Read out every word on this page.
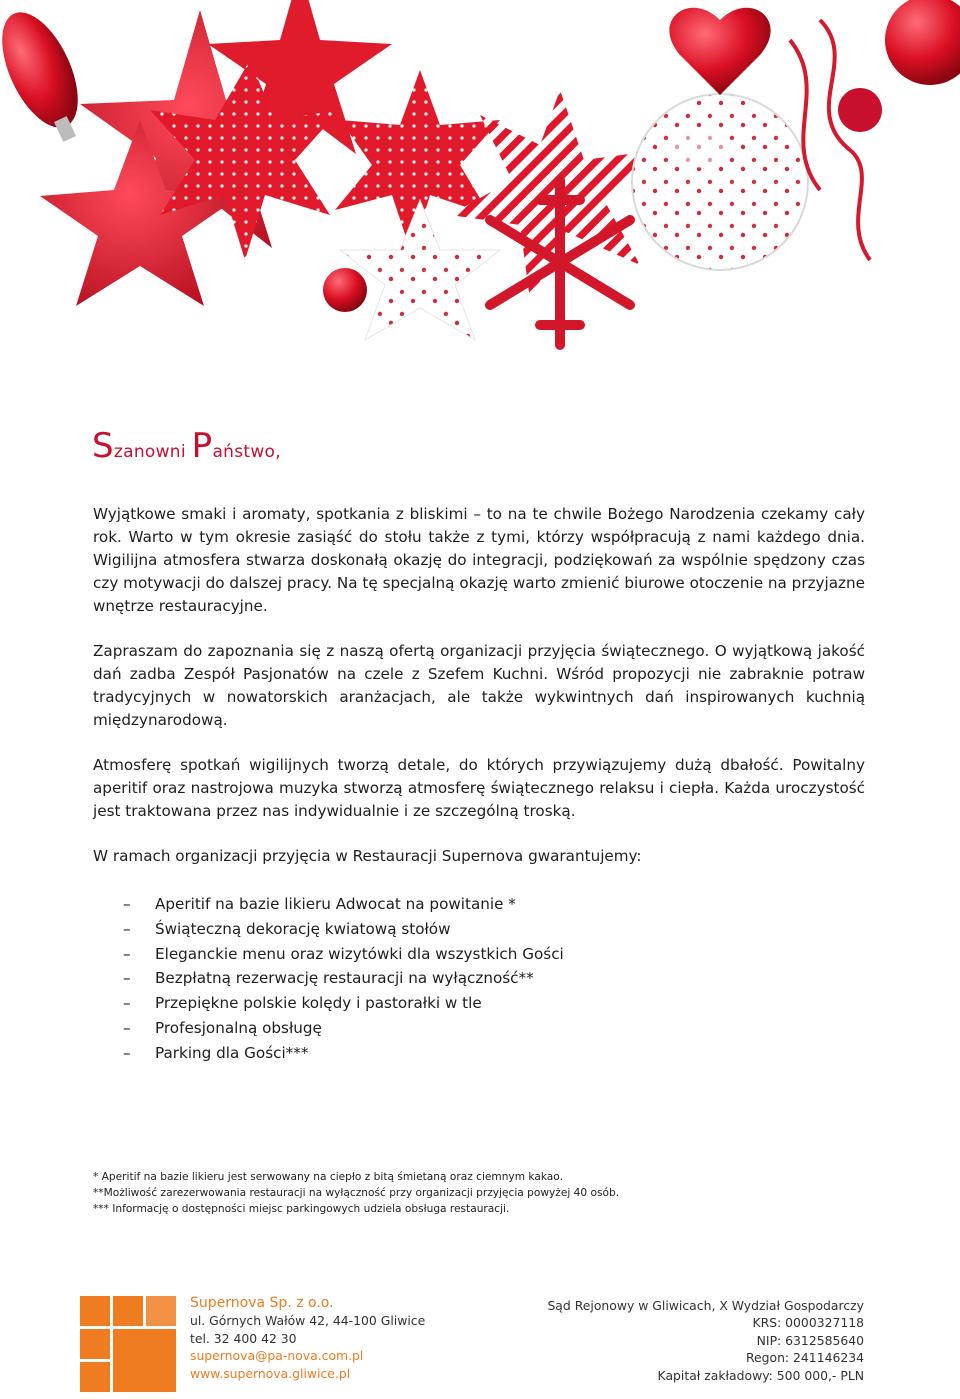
Szanowni Państwo,

Wyjątkowe smaki i aromaty, spotkania z bliskimi – to na te chwile Bożego Narodzenia czekamy cały rok. Warto w tym okresie zasiąść do stołu także z tymi, którzy współpracują z nami każdego dnia. Wigilijna atmosfera stwarza doskonałą okazję do integracji, podziękowań za wspólnie spędzony czas czy motywacji do dalszej pracy. Na tę specjalną okazję warto zmienić biurowe otoczenie na przyjazne wnętrze restauracyjne.

Zapraszam do zapoznania się z naszą ofertą organizacji przyjęcia świątecznego. O wyjątkową jakość dań zadba Zespół Pasjonatów na czele z Szefem Kuchni. Wśród propozycji nie zabraknie potraw tradycyjnych w nowatorskich aranżacjach, ale także wykwintnych dań inspirowanych kuchnią międzynarodową.

Atmosferę spotkań wigilijnych tworzą detale, do których przywiązujemy dużą dbałość. Powitalny aperitif oraz nastrojowa muzyka stworzą atmosferę świątecznego relaksu i ciepła. Każda uroczystość jest traktowana przez nas indywidualnie i ze szczególną troską.

W ramach organizacji przyjęcia w Restauracji Supernova gwarantujemy:

– Aperitif na bazie likieru Adwocat na powitanie *
– Świąteczną dekorację kwiatową stołów
– Eleganckie menu oraz wizytówki dla wszystkich Gości
– Bezpłatną rezerwację restauracji na wyłączność**
– Przepiękne polskie kolędy i pastorałki w tle
– Profesjonalną obsługę
– Parking dla Gości***
* Aperitif na bazie likieru jest serwowany na ciepło z bitą śmietaną oraz ciemnym kakao.
**Możliwość zarezerwowania restauracji na wyłączność przy organizacji przyjęcia powyżej 40 osób.
*** Informację o dostępności miejsc parkingowych udziela obsługa restauracji.
Supernova Sp. z o.o.
ul. Górnych Wałów 42, 44-100 Gliwice
tel. 32 400 42 30
supernova@pa-nova.com.pl
www.supernova.gliwice.pl
Sąd Rejonowy w Gliwicach, X Wydział Gospodarczy
KRS: 0000327118
NIP: 6312585640
Regon: 241146234
Kapitał zakładowy: 500 000,- PLN
